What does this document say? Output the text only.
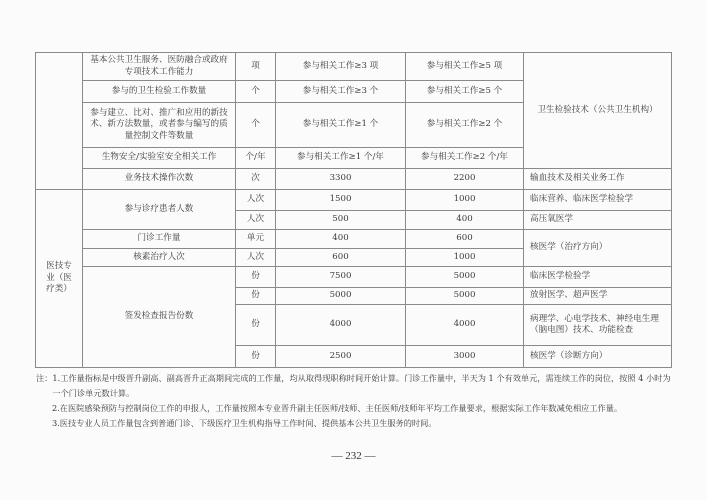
	基本公共卫生服务、医防融合或政府专项技术工作能力	项	参与相关工作≥3 项	参与相关工作≥5 项	卫生检验技术（公共卫生机构）
	参与的卫生检验工作数量	个	参与相关工作≥3 个	参与相关工作≥5 个	
	参与建立、比对、推广和应用的新技术、新方法数量，或者参与编写的质量控制文件等数量	个	参与相关工作≥1 个	参与相关工作≥2 个	
	生物安全/实验室安全相关工作	个/年	参与相关工作≥1 个/年	参与相关工作≥2 个/年	
	业务技术操作次数	次	3300	2200	输血技术及相关业务工作

医技专
业（医
疗类）	参与诊疗患者人数	人次	1500	1000	临床营养、临床医学检验学
		人次	500	400	高压氧医学
	门诊工作量	单元	400	600	核医学（治疗方向）
	核素治疗人次	人次	600	1000	
	签发检查报告份数	份	7500	5000	临床医学检验学
		份	5000	5000	放射医学、超声医学
		份	4000	4000	病理学、心电学技术、神经电生理（脑电图）技术、功能检查
		份	2500	3000	核医学（诊断方向）
注： 1.工作量指标是中级晋升副高、副高晋升正高期间完成的工作量，均从取得现职称时间开始计算。门诊工作量中，半天为 1 个有效单元，需连续工作的岗位，按照 4 小时为一个门诊单元数计算。
2.在医院感染预防与控制岗位工作的申报人，工作量按照本专业晋升副主任医师/技师、主任医师/技师年平均工作量要求，根据实际工作年数减免相应工作量。
3.医技专业人员工作量包含到普通门诊、下级医疗卫生机构指导工作时间、提供基本公共卫生服务的时间。
— 232 —
